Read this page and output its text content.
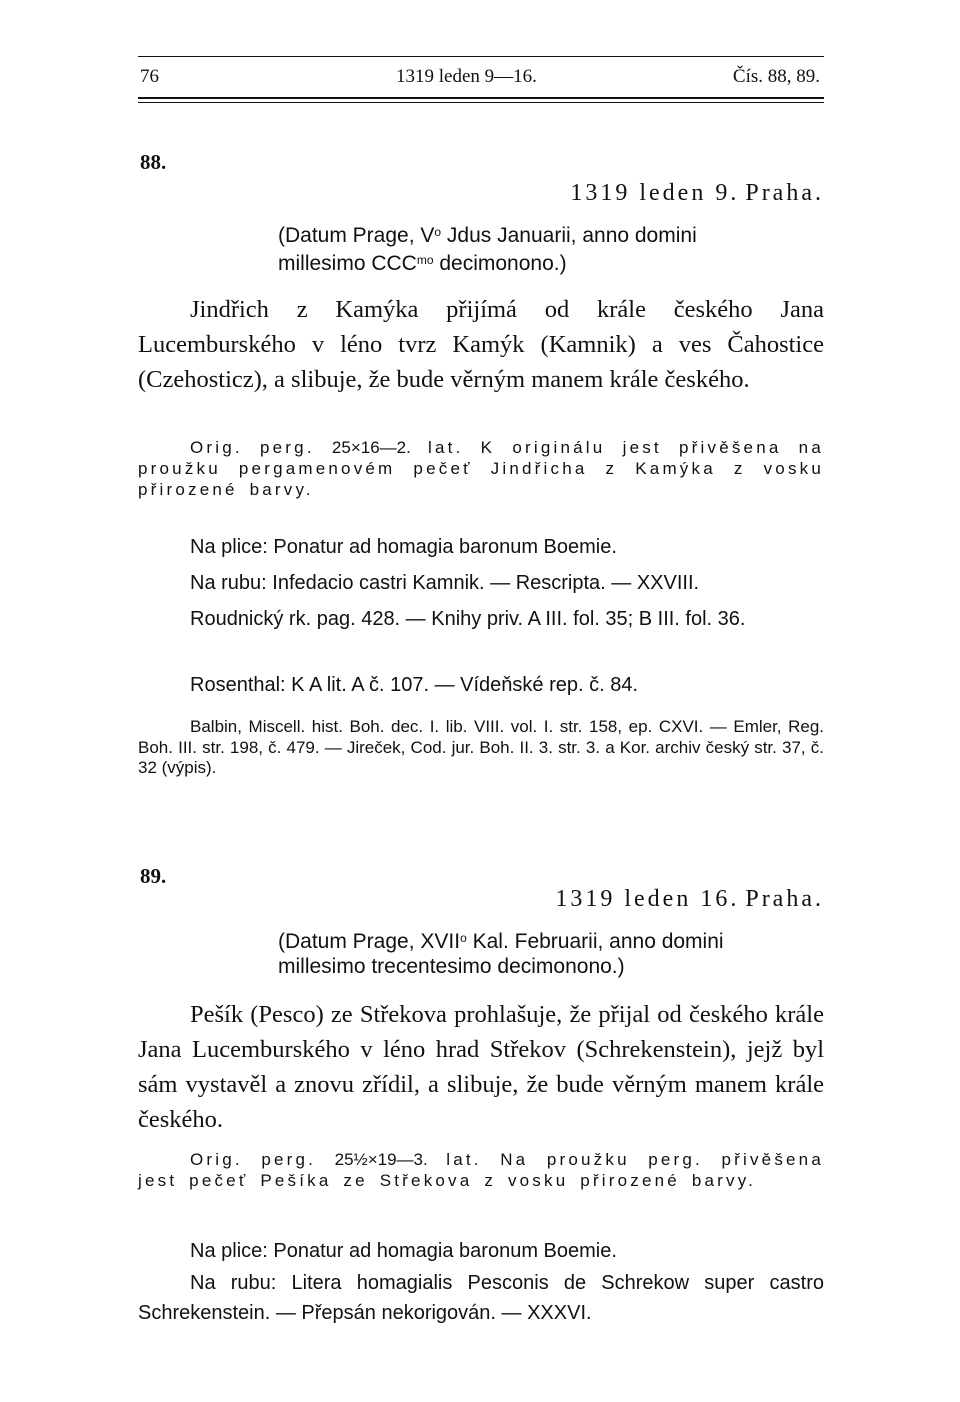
76	1319 leden 9—16.	Čís. 88, 89.
88.
1319 leden 9. Praha.
(Datum Prage, $V^o$ Jdus Januarii, anno domini
millesimo $CCC^{mo}$ decimonono.)

Jindřich z Kamýka přijímá od krále českého Jana Lucemburského v léno tvrz Kamýk (Kamnik) a ves Čahostice (Czehosticz), a slibuje, že bude věrným manem krále českého.

Orig. perg. 25×16—2. lat. K originálu jest přivěšena na proužku pergamenovém pečeť Jindřicha z Kamýka z vosku přirozené barvy.

Na plice: Ponatur ad homagia baronum Boemie.
Na rubu: Infedacio castri Kamnik. — Rescripta. — XXVIII.

Roudnický rk. pag. 428. — Knihy priv. A III. fol. 35; B III. fol. 36.

Rosenthal: K A lit. A č. 107. — Vídeňské rep. č. 84.

Balbin, Miscell. hist. Boh. dec. I. lib. VIII. vol. I. str. 158, ep. CXVI. — Emler, Reg. Boh. III. str. 198, č. 479. — Jireček, Cod. jur. Boh. II. 3. str. 3. a Kor. archiv český str. 37, č. 32 (výpis).

89.
1319 leden 16. Praha.
(Datum Prage, XVII$^o$ Kal. Februarii, anno domini
millesimo trecentesimo decimonono.)

Pešík (Pesco) ze Střekova prohlašuje, že přijal od českého krále Jana Lucemburského v léno hrad Střekov (Schrekenstein), jejž byl sám vystavěl a znovu zřídil, a slibuje, že bude věrným manem krále českého.

Orig. perg. 25½×19—3. lat. Na proužku perg. přivěšena jest pečeť Pešíka ze Střekova z vosku přirozené barvy.

Na plice: Ponatur ad homagia baronum Boemie.

Na rubu: Litera homagialis Pesconis de Schrekow super castro Schrekenstein. — Přepsán nekorigován. — XXXVI.
